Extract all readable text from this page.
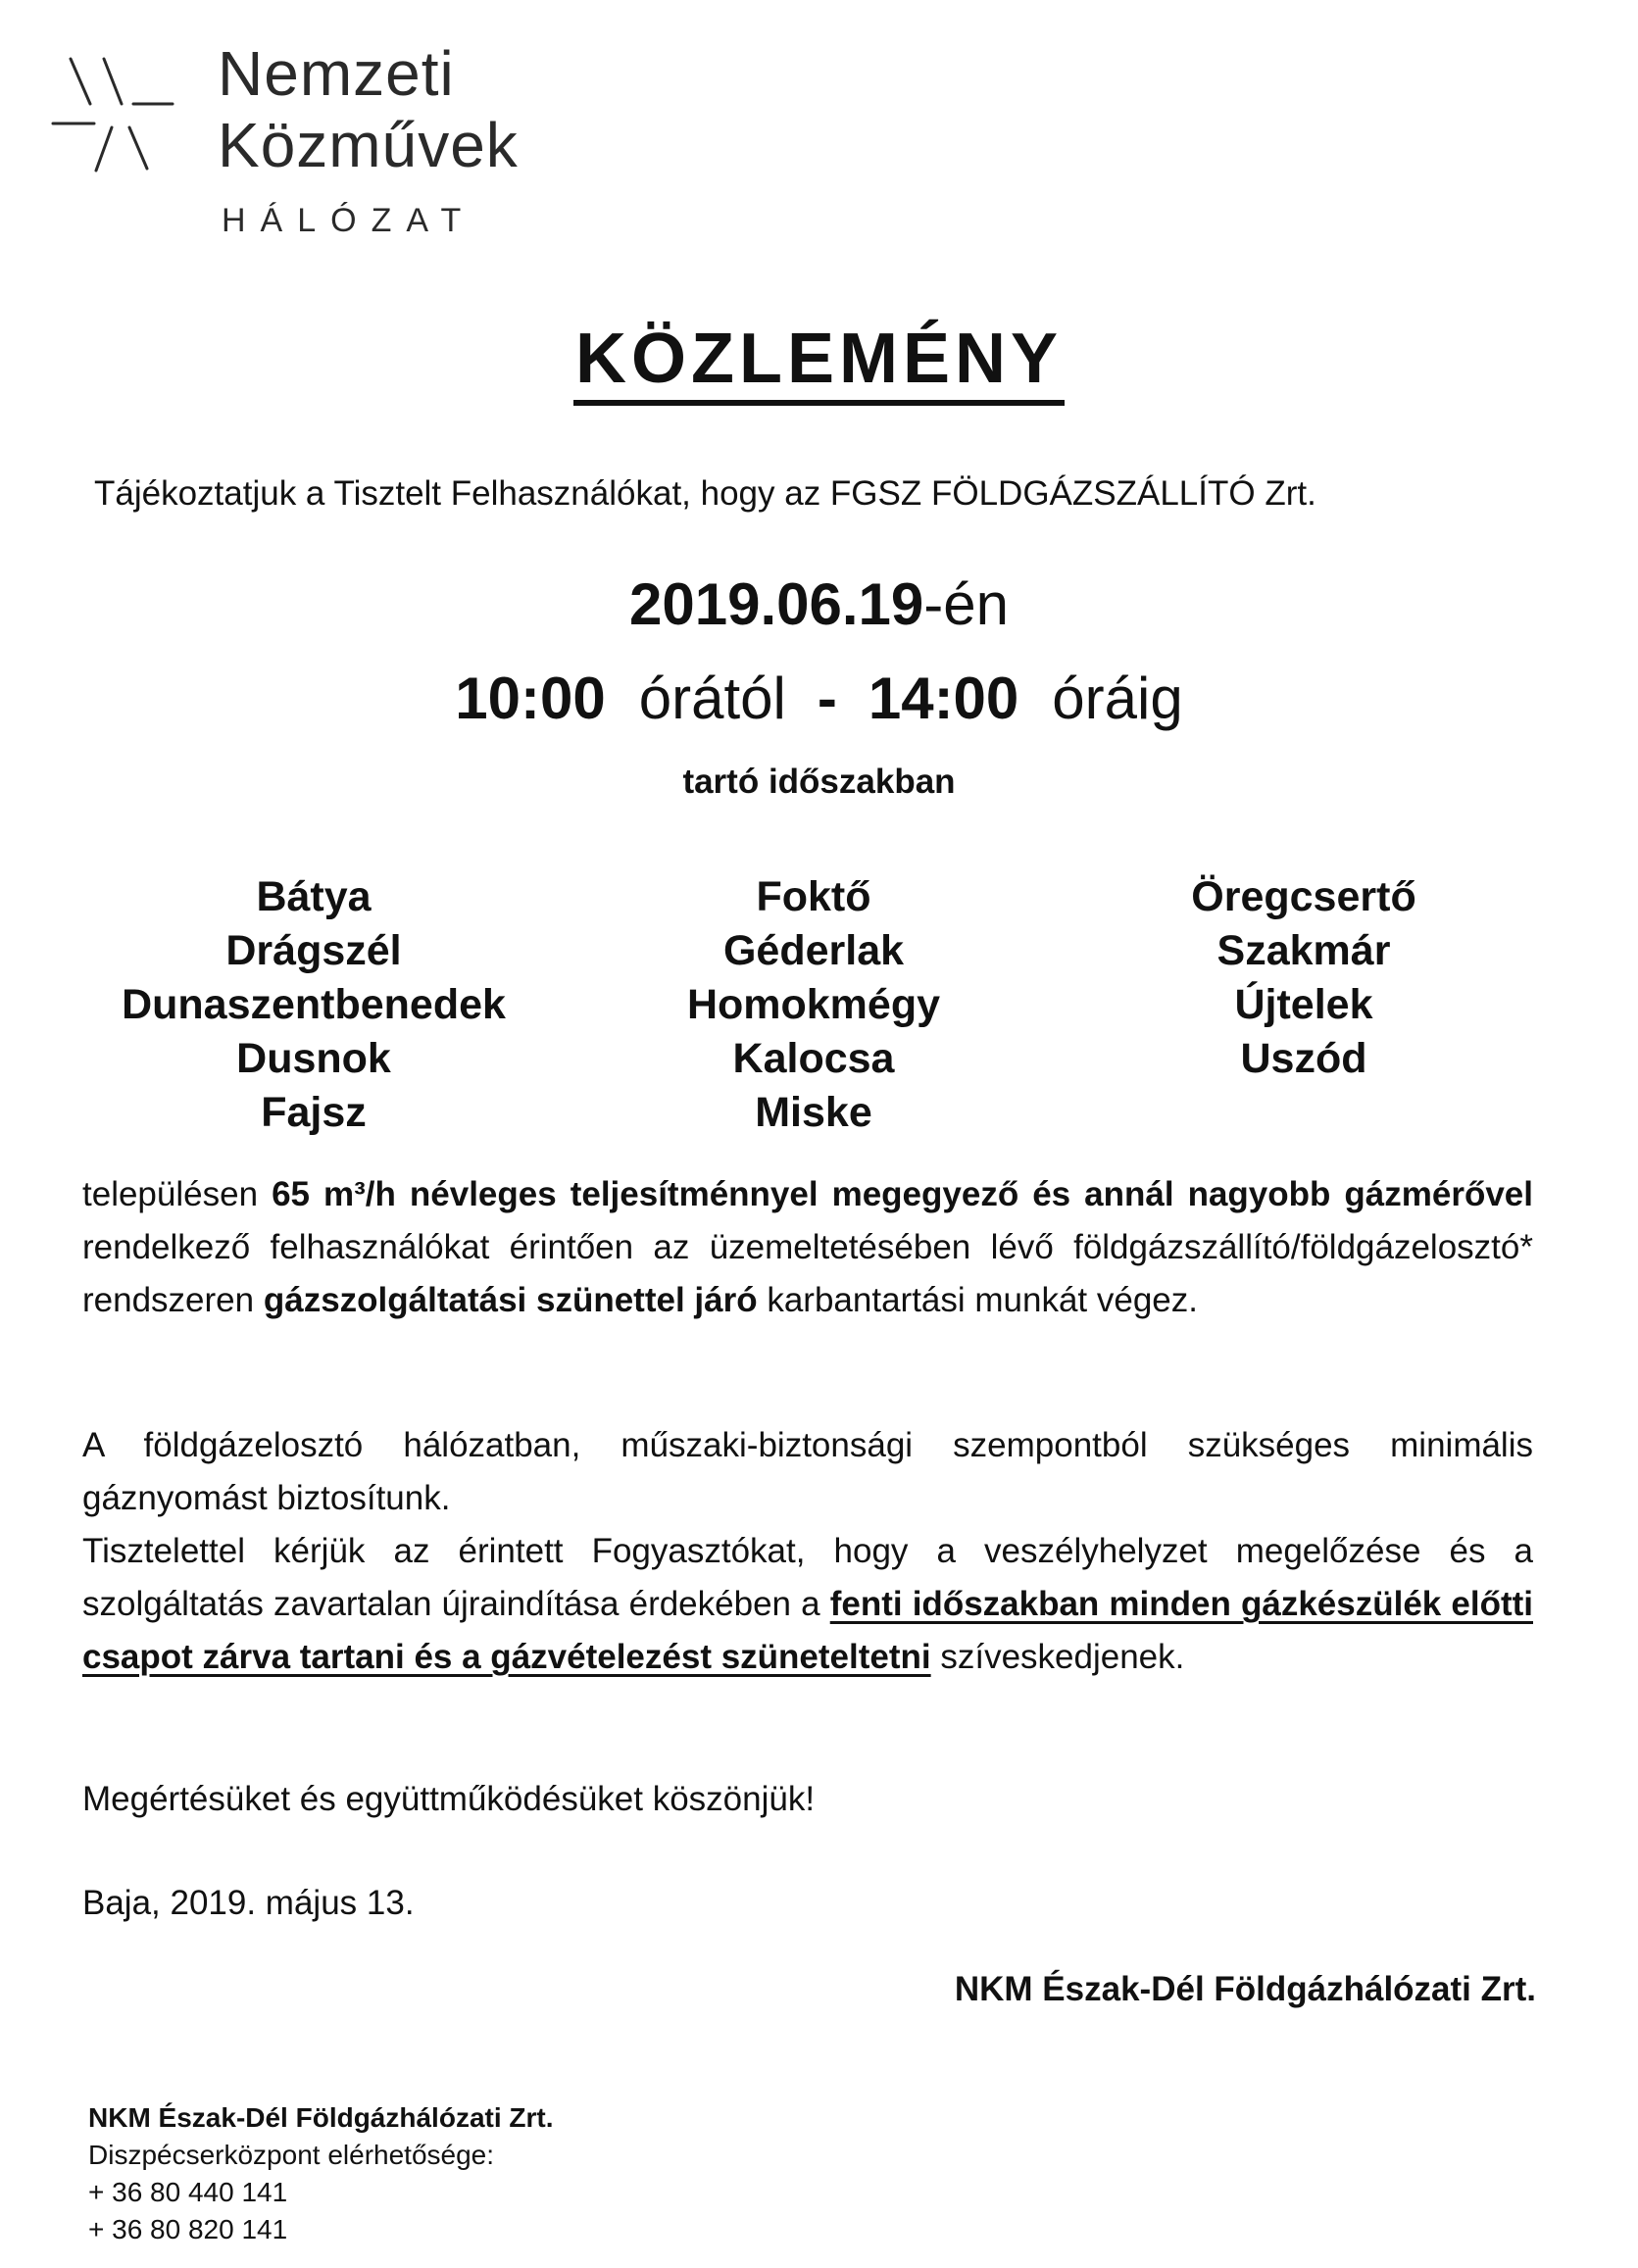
Nemzeti
Közművek
HÁLÓZAT
KÖZLEMÉNY
Tájékoztatjuk a Tisztelt Felhasználókat, hogy az FGSZ FÖLDGÁZSZÁLLÍTÓ Zrt.
2019.06.19-én
10:00 órától - 14:00 óráig
tartó időszakban
Bátya
Drágszél
Dunaszentbenedek
Dusnok
Fajsz
Foktő
Géderlak
Homokmégy
Kalocsa
Miske
Öregcsertő
Szakmár
Újtelek
Uszód
településen 65 m³/h névleges teljesítménnyel megegyező és annál nagyobb gázmérővel rendelkező felhasználókat érintően az üzemeltetésében lévő földgázszállító/földgázelosztó* rendszeren gázszolgáltatási szünettel járó karbantartási munkát végez.
A földgázelosztó hálózatban, műszaki-biztonsági szempontból szükséges minimális gáznyomást biztosítunk.
Tisztelettel kérjük az érintett Fogyasztókat, hogy a veszélyhelyzet megelőzése és a szolgáltatás zavartalan újraindítása érdekében a fenti időszakban minden gázkészülék előtti csapot zárva tartani és a gázvételezést szüneteltetni szíveskedjenek.
Megértésüket és együttműködésüket köszönjük!
Baja, 2019. május 13.
NKM Észak-Dél Földgázhálózati Zrt.
NKM Észak-Dél Földgázhálózati Zrt.
Diszpécserközpont elérhetősége:
+ 36 80 440 141
+ 36 80 820 141
